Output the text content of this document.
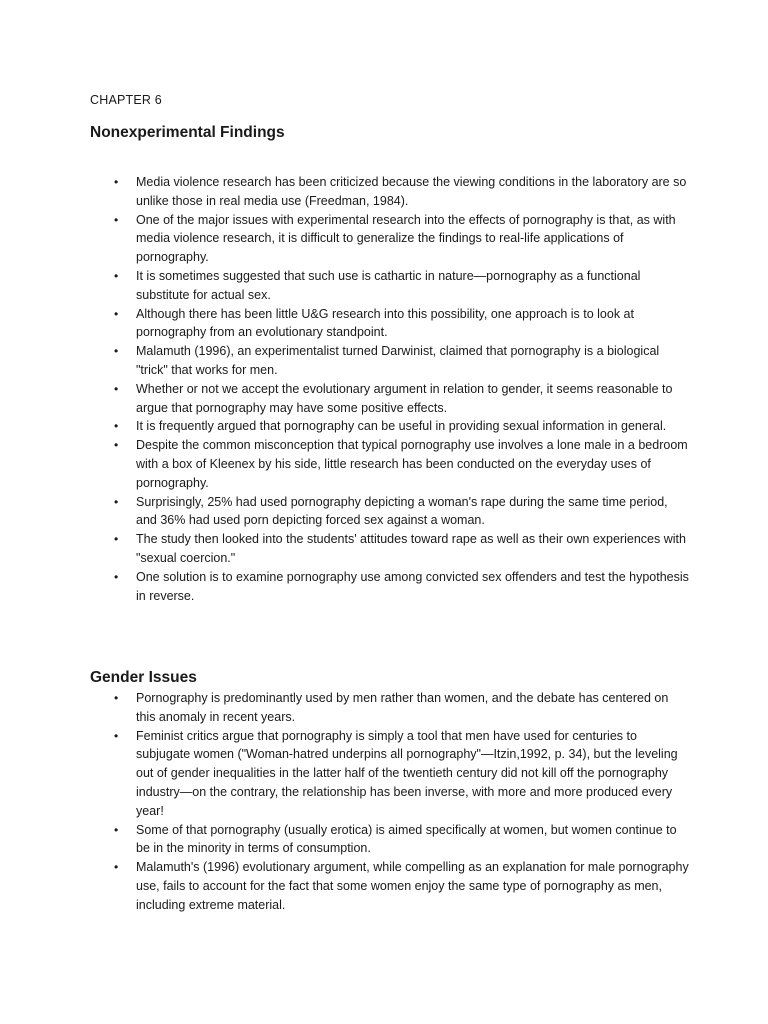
CHAPTER 6
Nonexperimental Findings
• Media violence research has been criticized because the viewing conditions in the laboratory are so unlike those in real media use (Freedman, 1984).
• One of the major issues with experimental research into the effects of pornography is that, as with media violence research, it is difficult to generalize the findings to real-life applications of pornography.
• It is sometimes suggested that such use is cathartic in nature—pornography as a functional substitute for actual sex.
• Although there has been little U&G research into this possibility, one approach is to look at pornography from an evolutionary standpoint.
• Malamuth (1996), an experimentalist turned Darwinist, claimed that pornography is a biological "trick" that works for men.
• Whether or not we accept the evolutionary argument in relation to gender, it seems reasonable to argue that pornography may have some positive effects.
• It is frequently argued that pornography can be useful in providing sexual information in general.
• Despite the common misconception that typical pornography use involves a lone male in a bedroom with a box of Kleenex by his side, little research has been conducted on the everyday uses of pornography.
• Surprisingly, 25% had used pornography depicting a woman's rape during the same time period, and 36% had used porn depicting forced sex against a woman.
• The study then looked into the students' attitudes toward rape as well as their own experiences with "sexual coercion."
• One solution is to examine pornography use among convicted sex offenders and test the hypothesis in reverse.
Gender Issues
• Pornography is predominantly used by men rather than women, and the debate has centered on this anomaly in recent years.
• Feminist critics argue that pornography is simply a tool that men have used for centuries to subjugate women ("Woman-hatred underpins all pornography"—Itzin,1992, p. 34), but the leveling out of gender inequalities in the latter half of the twentieth century did not kill off the pornography industry—on the contrary, the relationship has been inverse, with more and more produced every year!
• Some of that pornography (usually erotica) is aimed specifically at women, but women continue to be in the minority in terms of consumption.
• Malamuth's (1996) evolutionary argument, while compelling as an explanation for male pornography use, fails to account for the fact that some women enjoy the same type of pornography as men, including extreme material.
